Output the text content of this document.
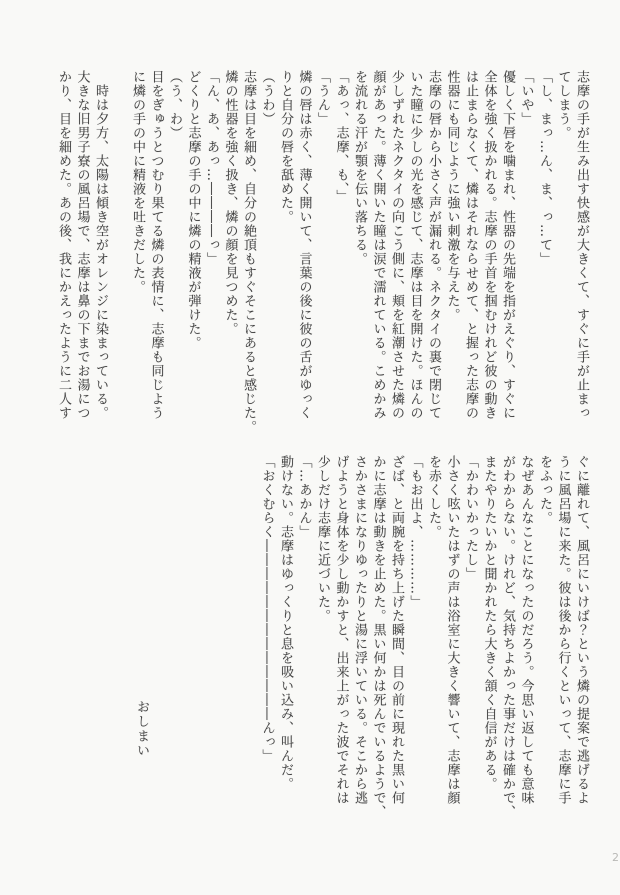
志摩の手が生み出す快感が大きくて、すぐに手が止まっ

てしまう。

「し、まっ…ん、ま、っ…て」

「いや」

優しく下唇を噛まれ、性器の先端を指がえぐり、すぐに

全体を強く扱かれる。志摩の手首を掴むけれど彼の動き

は止まらなくて、燐はそれならせめて、と握った志摩の

性器にも同じように強い刺激を与えた。

志摩の唇から小さく声が漏れる。ネクタイの裏で閉じて

いた瞳に少しの光を感じて、志摩は目を開けた。ほんの

少しずれたネクタイの向こう側に、頬を紅潮させた燐の

顔があった。薄く開いた瞳は涙で濡れている。こめかみ

を流れる汗が顎を伝い落ちる。

「あっ、志摩、も、」

「うん」

燐の唇は赤く、薄く開いて、言葉の後に彼の舌がゆっく

りと自分の唇を舐めた。

（うわ）

志摩は目を細め、自分の絶頂もすぐそこにあると感じた。

燐の性器を強く扱き、燐の顔を見つめた。

「ん、あ、あっ…――――っ」

どくりと志摩の手の中に燐の精液が弾けた。

（う、わ）

目をぎゅうとつむり果てる燐の表情に、志摩も同じよう

に燐の手の中に精液を吐きだした。

　時は夕方、太陽は傾き空がオレンジに染まっている。

大きな旧男子寮の風呂場で、志摩は鼻の下までお湯につ

かり、目を細めた。あの後、我にかえったように二人す

ぐに離れて、風呂にいけば？という燐の提案で逃げるよ

うに風呂場に来た。彼は後から行くといって、志摩に手

をふった。

なぜあんなことになったのだろう。今思い返しても意味

がわからない。けれど、気持ちよかった事だけは確かで、

またやりたいかと聞かれたら大きく頷く自信がある。

「かわいかったし」

小さく呟いたはずの声は浴室に大きく響いて、志摩は顔

を赤くした。

「もお出よ、…………」

ざば、と両腕を持ち上げた瞬間、目の前に現れた黒い何

かに志摩は動きを止めた。黒い何かは死んでいるようで、

さかさまになりゆったりと湯に浮いている。そこから逃

げようと身体を少し動かすと、出来上がった波でそれは

少しだけ志摩に近づいた。

「…あかん」

動けない。志摩はゆっくりと息を吸い込み、叫んだ。

「おくむらく―――――――――――――んっ」

おしまい
2
